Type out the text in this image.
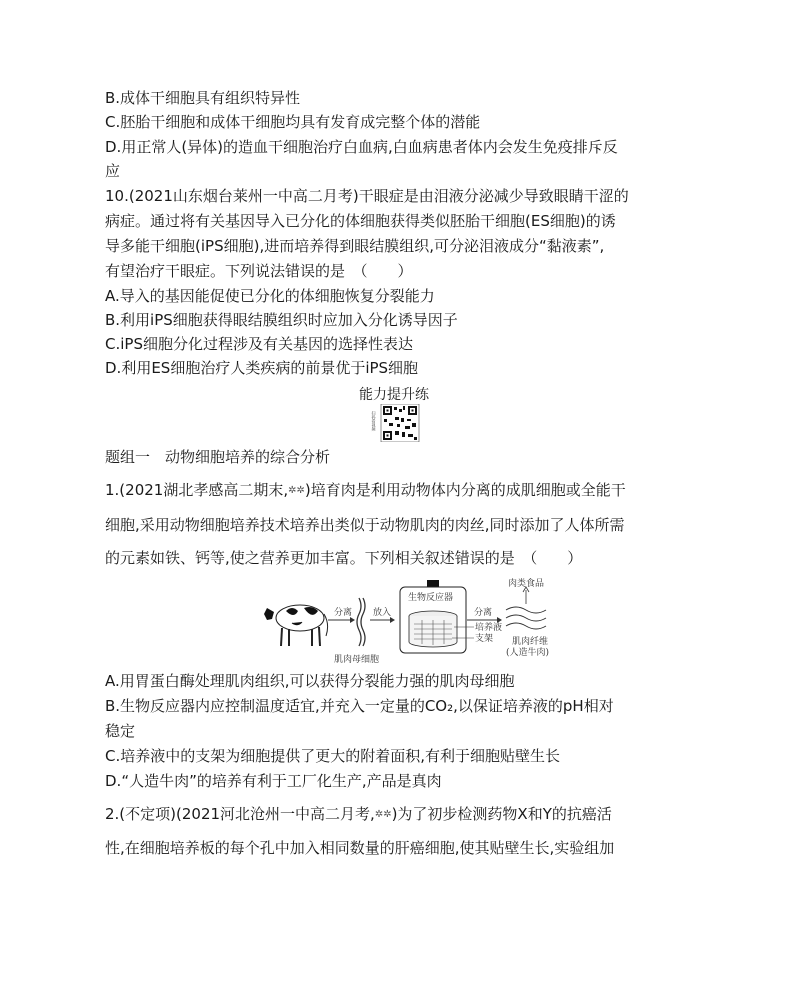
B.成体干细胞具有组织特异性
C.胚胎干细胞和成体干细胞均具有发育成完整个体的潜能
D.用正常人(异体)的造血干细胞治疗白血病,白血病患者体内会发生免疫排斥反
应
10.(2021山东烟台莱州一中高二月考)干眼症是由泪液分泌减少导致眼睛干涩的
病症。通过将有关基因导入已分化的体细胞获得类似胚胎干细胞(ES细胞)的诱
导多能干细胞(iPS细胞),进而培养得到眼结膜组织,可分泌泪液成分“黏液素”,
有望治疗干眼症。下列说法错误的是　（　　）
A.导入的基因能促使已分化的体细胞恢复分裂能力
B.利用iPS细胞获得眼结膜组织时应加入分化诱导因子
C.iPS细胞分化过程涉及有关基因的选择性表达
D.利用ES细胞治疗人类疾病的前景优于iPS细胞
能力提升练
扫码看视频
题组一　动物细胞培养的综合分析
1.(2021湖北孝感高二期末,✲✲)培育肉是利用动物体内分离的成肌细胞或全能干
细胞,采用动物细胞培养技术培养出类似于动物肌肉的肉丝,同时添加了人体所需
的元素如铁、钙等,使之营养更加丰富。下列相关叙述错误的是　（　　）
分离
肌肉母细胞
放入
生物反应器
培养液
支架
分离
肉类食品
肌肉纤维
(人造牛肉)
A.用胃蛋白酶处理肌肉组织,可以获得分裂能力强的肌肉母细胞
B.生物反应器内应控制温度适宜,并充入一定量的CO₂,以保证培养液的pH相对
稳定
C.培养液中的支架为细胞提供了更大的附着面积,有利于细胞贴壁生长
D.“人造牛肉”的培养有利于工厂化生产,产品是真肉
2.(不定项)(2021河北沧州一中高二月考,✲✲)为了初步检测药物X和Y的抗癌活
性,在细胞培养板的每个孔中加入相同数量的肝癌细胞,使其贴壁生长,实验组加
